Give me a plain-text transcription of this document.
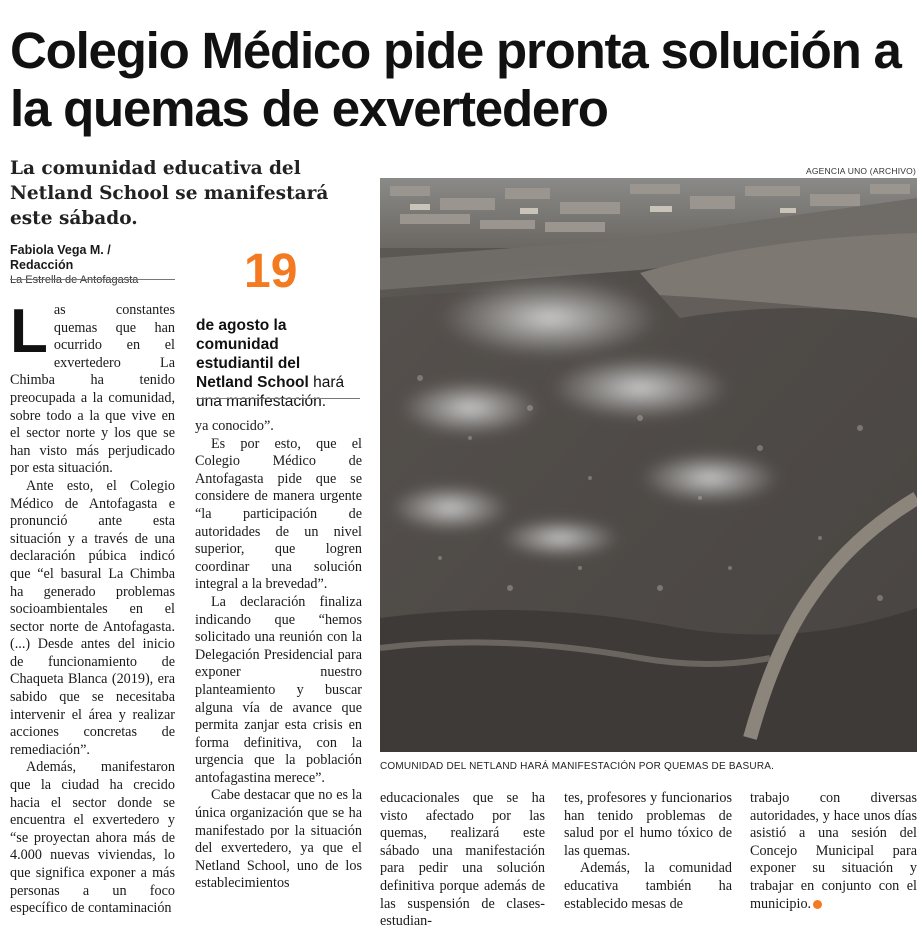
Colegio Médico pide pronta solución a la quemas de exvertedero

La comunidad educativa del Netland School se manifestará este sábado.

Fabiola Vega M. / Redacción
La Estrella de Antofagasta	19
de agosto la comunidad estudiantil del Netland School hará una manifestación.
AGENCIA UNO (ARCHIVO)
COMUNIDAD DEL NETLAND HARÁ MANIFESTACIÓN POR QUEMAS DE BASURA.

Las constantes quemas que han ocurrido en el exvertedero La Chimba ha tenido preocupada a la comunidad, sobre todo a la que vive en el sector norte y los que se han visto más perjudicado por esta situación.

Ante esto, el Colegio Médico de Antofagasta e pronunció ante esta situación y a través de una declaración púbica indicó que “el basural La Chimba ha generado problemas socioambientales en el sector norte de Antofagasta. (...) Desde antes del inicio de funcionamiento de Chaqueta Blanca (2019), era sabido que se necesitaba intervenir el área y realizar acciones concretas de remediación”.

Además, manifestaron que la ciudad ha crecido hacia el sector donde se encuentra el exvertedero y “se proyectan ahora más de 4.000 nuevas viviendas, lo que significa exponer a más personas a un foco específico de contaminación

ya conocido”.

Es por esto, que el Colegio Médico de Antofagasta pide que se considere de manera urgente “la participación de autoridades de un nivel superior, que logren coordinar una solución integral a la brevedad”.

La declaración finaliza indicando que “hemos solicitado una reunión con la Delegación Presidencial para exponer nuestro planteamiento y buscar alguna vía de avance que permita zanjar esta crisis en forma definitiva, con la urgencia que la población antofagastina merece”.

Cabe destacar que no es la única organización que se ha manifestado por la situación del exvertedero, ya que el Netland School, uno de los establecimientos

educacionales que se ha visto afectado por las quemas, realizará este sábado una manifestación para pedir una solución definitiva porque además de las suspensión de clases- estudian-

tes, profesores y funcionarios han tenido problemas de salud por el humo tóxico de las quemas.

Además, la comunidad educativa también ha establecido mesas de

trabajo con diversas autoridades, y hace unos días asistió a una sesión del Concejo Municipal para exponer su situación y trabajar en conjunto con el municipio.
